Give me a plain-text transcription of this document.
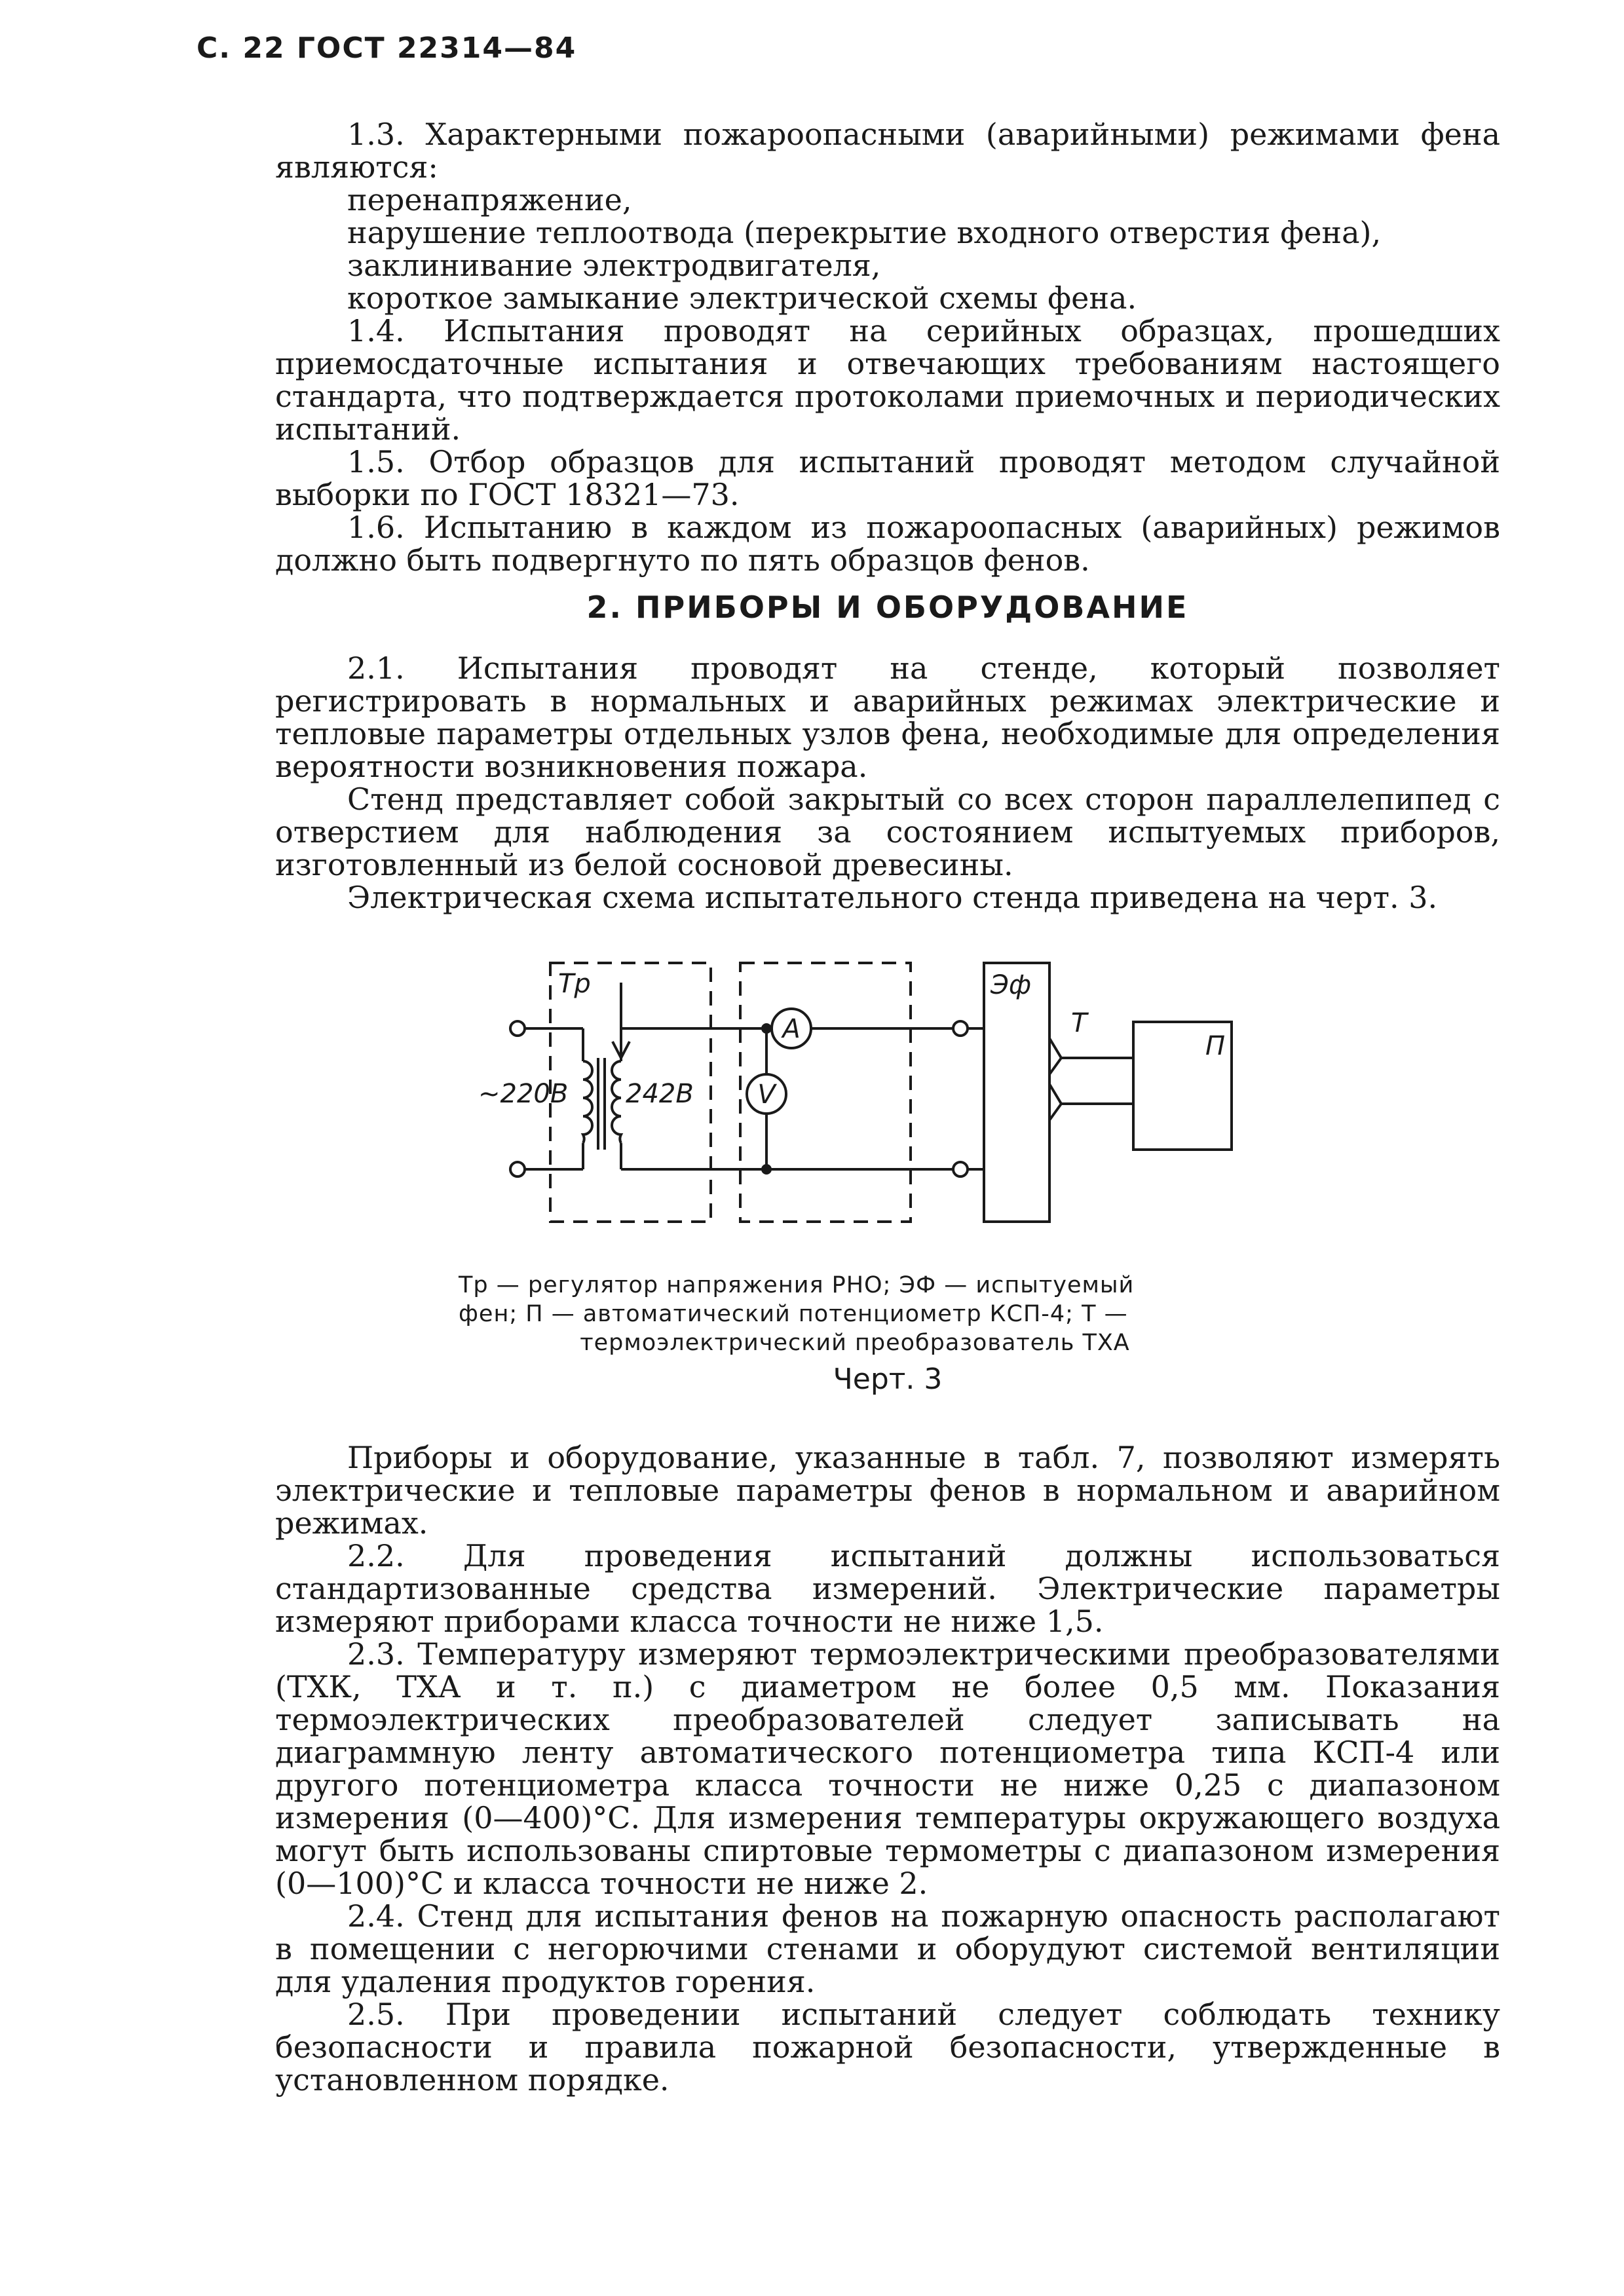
С. 22 ГОСТ 22314—84

1.3. Характерными пожароопасными (аварийными) режимами фена являются:

перенапряжение,

нарушение теплоотвода (перекрытие входного отверстия фена),

заклинивание электродвигателя,

короткое замыкание электрической схемы фена.

1.4. Испытания проводят на серийных образцах, прошедших приемосдаточные испытания и отвечающих требованиям настоящего стандарта, что подтверждается протоколами приемочных и периодических испытаний.

1.5. Отбор образцов для испытаний проводят методом случайной выборки по ГОСТ 18321—73.

1.6. Испытанию в каждом из пожароопасных (аварийных) режимов должно быть подвергнуто по пять образцов фенов.

2. ПРИБОРЫ И ОБОРУДОВАНИЕ

2.1. Испытания проводят на стенде, который позволяет регистрировать в нормальных и аварийных режимах электрические и тепловые параметры отдельных узлов фена, необходимые для определения вероятности возникновения пожара.

Стенд представляет собой закрытый со всех сторон параллелепипед с отверстием для наблюдения за состоянием испытуемых приборов, изготовленный из белой сосновой древесины.

Электрическая схема испытательного стенда приведена на черт. 3.

Тр
~220В 242В
A
V
Эф
Т
П
Тр — регулятор напряжения РНО; ЭФ — испытуемый
фен; П — автоматический потенциометр КСП-4; Т —
термоэлектрический преобразователь ТХА
Черт. 3

Приборы и оборудование, указанные в табл. 7, позволяют измерять электрические и тепловые параметры фенов в нормальном и аварийном режимах.

2.2. Для проведения испытаний должны использоваться стандартизованные средства измерений. Электрические параметры измеряют приборами класса точности не ниже 1,5.

2.3. Температуру измеряют термоэлектрическими преобразователями (ТХК, ТХА и т. п.) с диаметром не более 0,5 мм. Показания термоэлектрических преобразователей следует записывать на диаграммную ленту автоматического потенциометра типа КСП-4 или другого потенциометра класса точности не ниже 0,25 с диапазоном измерения (0—400)°С. Для измерения температуры окружающего воздуха могут быть использованы спиртовые термометры с диапазоном измерения (0—100)°С и класса точности не ниже 2.

2.4. Стенд для испытания фенов на пожарную опасность располагают в помещении с негорючими стенами и оборудуют системой вентиляции для удаления продуктов горения.

2.5. При проведении испытаний следует соблюдать технику безопасности и правила пожарной безопасности, утвержденные в установленном порядке.
